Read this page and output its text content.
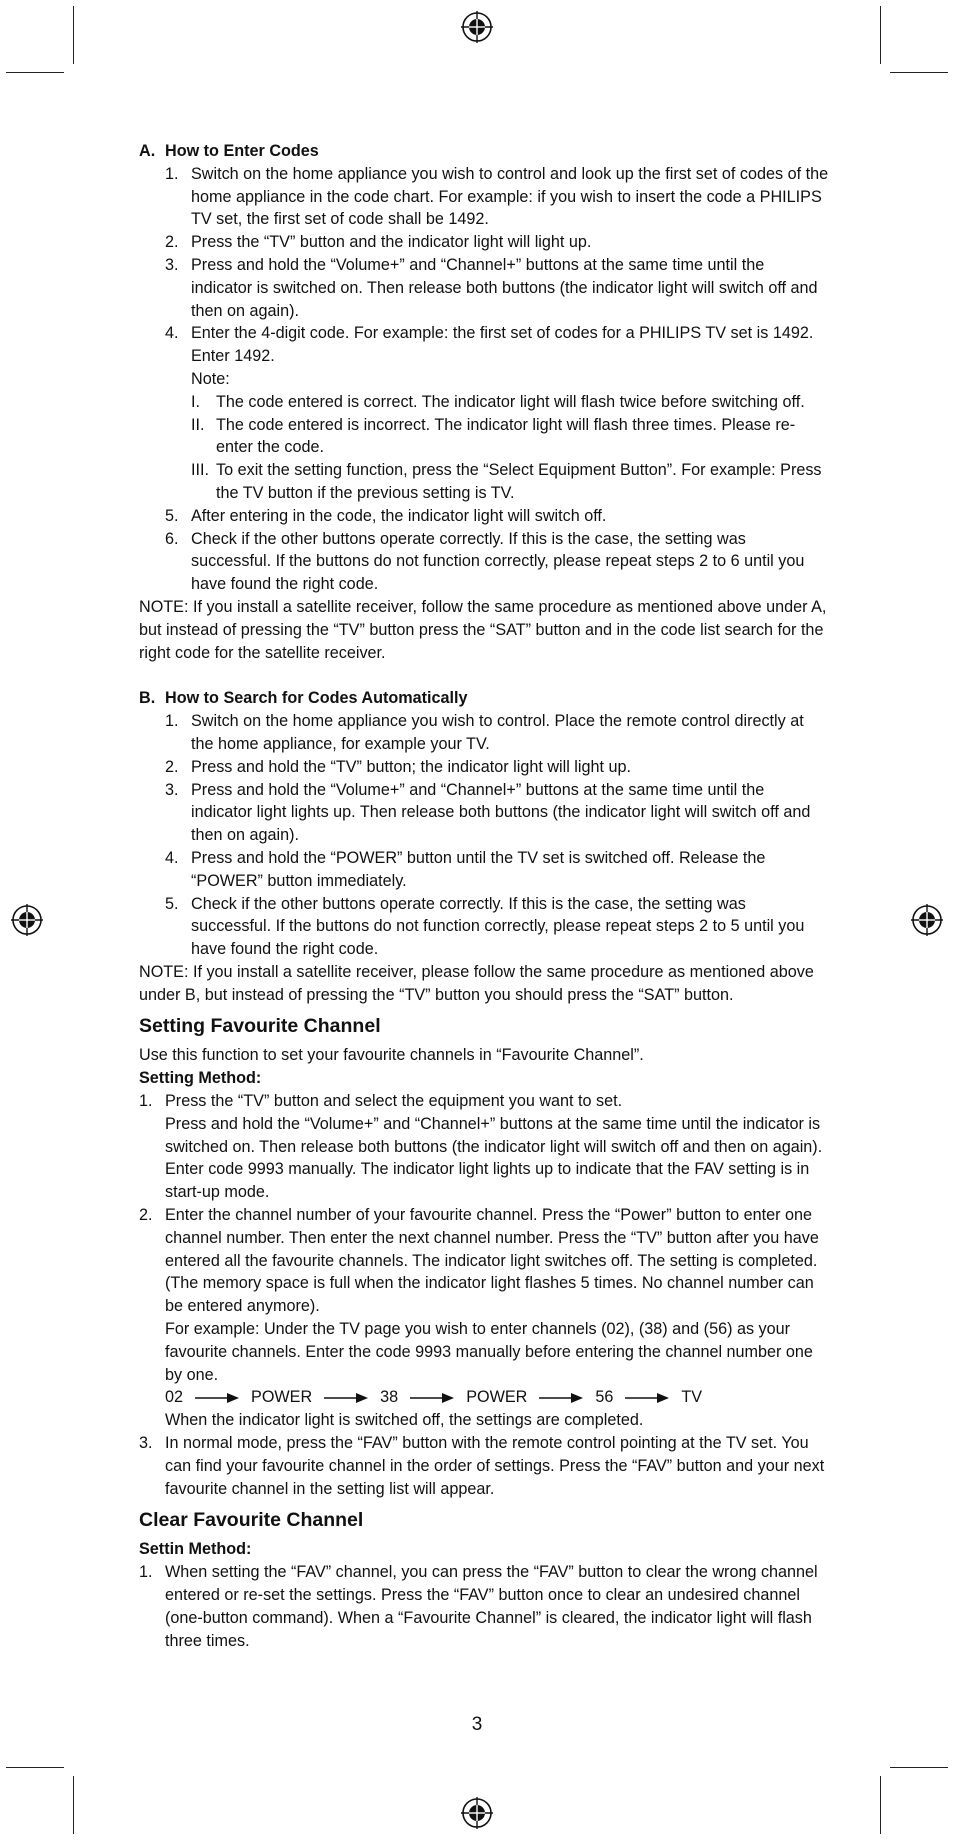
A. How to Enter Codes
1. Switch on the home appliance you wish to control and look up the first set of codes of the home appliance in the code chart. For example: if you wish to insert the code a PHILIPS TV set, the first set of code shall be 1492.
2. Press the “TV” button and the indicator light will light up.
3. Press and hold the “Volume+” and “Channel+” buttons at the same time until the indicator is switched on. Then release both buttons (the indicator light will switch off and then on again).
4. Enter the 4-digit code. For example: the first set of codes for a PHILIPS TV set is 1492. Enter 1492.
Note:
I. The code entered is correct. The indicator light will flash twice before switching off.
II. The code entered is incorrect. The indicator light will flash three times. Please re-enter the code.
III. To exit the setting function, press the “Select Equipment Button”. For example: Press the TV button if the previous setting is TV.
5. After entering in the code, the indicator light will switch off.
6. Check if the other buttons operate correctly. If this is the case, the setting was successful. If the buttons do not function correctly, please repeat steps 2 to 6 until you have found the right code.

NOTE: If you install a satellite receiver, follow the same procedure as mentioned above under A, but instead of pressing the “TV” button press the “SAT” button and in the code list search for the right code for the satellite receiver.

B. How to Search for Codes Automatically
1. Switch on the home appliance you wish to control. Place the remote control directly at the home appliance, for example your TV.
2. Press and hold the “TV” button; the indicator light will light up.
3. Press and hold the “Volume+” and “Channel+” buttons at the same time until the indicator light lights up. Then release both buttons (the indicator light will switch off and then on again).
4. Press and hold the “POWER” button until the TV set is switched off. Release the “POWER” button immediately.
5. Check if the other buttons operate correctly. If this is the case, the setting was successful. If the buttons do not function correctly, please repeat steps 2 to 5 until you have found the right code.

NOTE: If you install a satellite receiver, please follow the same procedure as mentioned above under B, but instead of pressing the “TV” button you should press the “SAT” button.

Setting Favourite Channel
Use this function to set your favourite channels in “Favourite Channel”.
Setting Method:
1. Press the “TV” button and select the equipment you want to set.
Press and hold the “Volume+” and “Channel+” buttons at the same time until the indicator is switched on. Then release both buttons (the indicator light will switch off and then on again).
Enter code 9993 manually. The indicator light lights up to indicate that the FAV setting is in start-up mode.
2. Enter the channel number of your favourite channel. Press the “Power” button to enter one channel number. Then enter the next channel number. Press the “TV” button after you have entered all the favourite channels. The indicator light switches off. The setting is completed. (The memory space is full when the indicator light flashes 5 times. No channel number can be entered anymore).
For example: Under the TV page you wish to enter channels (02), (38) and (56) as your favourite channels. Enter the code 9993 manually before entering the channel number one by one.
02	POWER	38	POWER	56	TV
When the indicator light is switched off, the settings are completed.
3. In normal mode, press the “FAV” button with the remote control pointing at the TV set. You can find your favourite channel in the order of settings. Press the “FAV” button and your next favourite channel in the setting list will appear.
Clear Favourite Channel
Settin Method:
1. When setting the “FAV” channel, you can press the “FAV” button to clear the wrong channel entered or re-set the settings. Press the “FAV” button once to clear an undesired channel (one-button command). When a “Favourite Channel” is cleared, the indicator light will flash three times.
3
